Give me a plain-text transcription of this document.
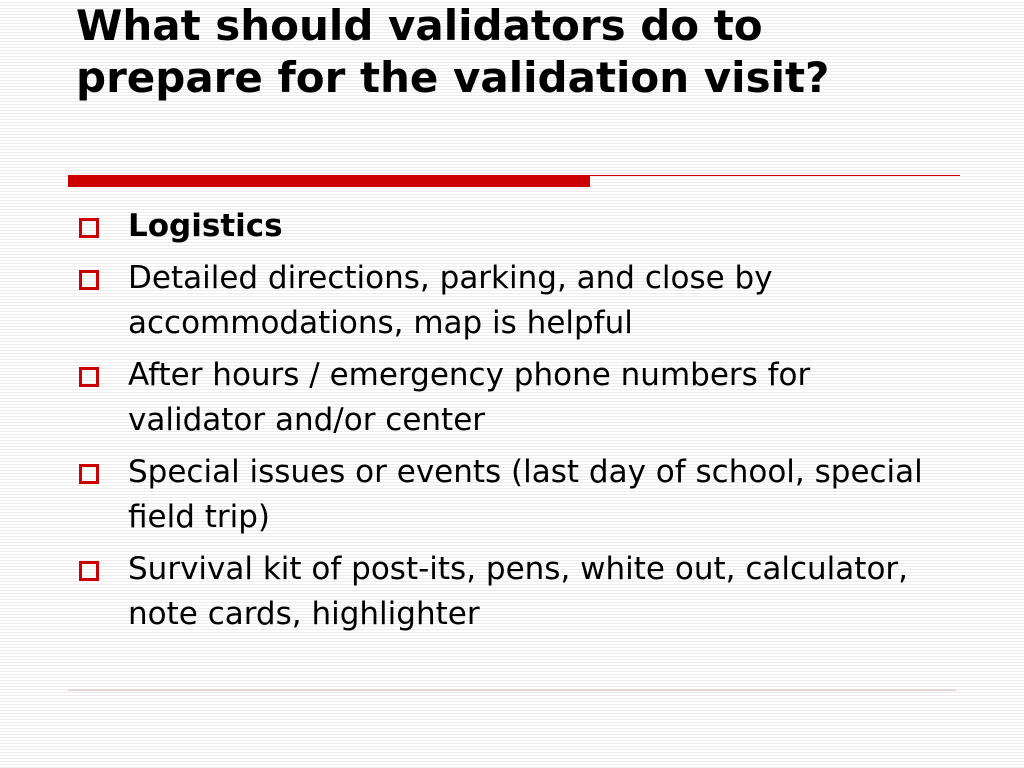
What should validators do to
prepare for the validation visit?
Logistics
Detailed directions, parking, and close by accommodations, map is helpful
After hours / emergency phone numbers for validator and/or center
Special issues or events (last day of school, special field trip)
Survival kit of post-its, pens, white out, calculator, note cards, highlighter
